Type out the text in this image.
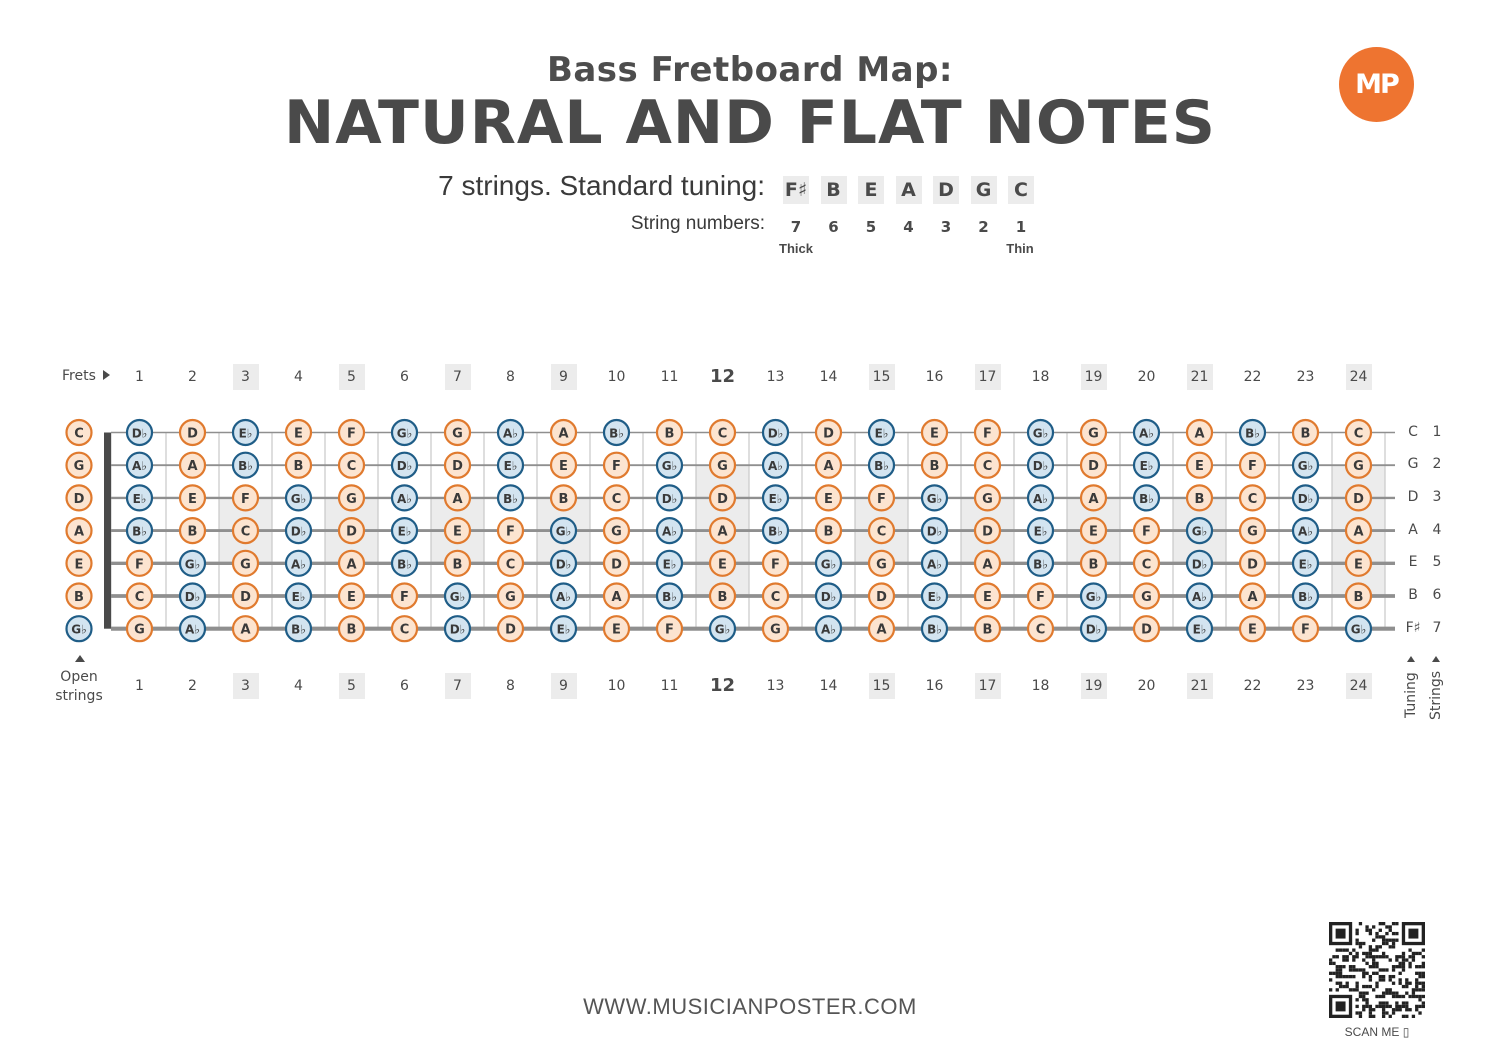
Bass Fretboard Map:
NATURAL AND FLAT NOTES
MP
7 strings. Standard tuning: F♯	B	E	A D G	C
String numbers:	7	6	5	4	3	2	1
Thick	Thin
Frets	1	2	3	4	5	6	7	8	9	10	11 12 13	14	15	16	17	18	19	20	21	22	23	24
1	2	3	4	5	6	7	8	9	10	11 12 13	14	15	16	17	18	19	20	21	22	23	24
C	D♭	D	E♭	E	F	G♭	G	A♭	A	B♭	B	C	D♭	D	E♭	E	F	G♭	G	A♭	A	B♭	B	C
G	A♭	A	B♭	B	C	D♭	D	E♭	E	F	G♭	G	A♭	A	B♭	B	C	D♭	D	E♭	E	F	G♭	G
D	E♭	E	F	G♭	G	A♭	A	B♭	B	C	D♭	D	E♭	E	F	G♭	G	A♭	A	B♭	B	C	D♭	D
A	B♭	B	C	D♭	D	E♭	E	F	G♭	G	A♭	A	B♭	B	C	D♭	D	E♭	E	F	G♭	G	A♭	A
E	F	G♭	G	A♭	A	B♭	B	C	D♭	D	E♭	E	F	G♭	G	A♭	A	B♭	B	C	D♭	D	E♭	E
B	C	D♭	D	E♭	E	F	G♭	G	A♭	A	B♭	B	C	D♭	D	E♭	E	F	G♭	G	A♭	A	B♭	B
G♭	G	A♭	A	B♭	B	C	D♭	D	E♭	E	F	G♭	G	A♭	A	B♭	B	C	D♭	D	E♭	E	F	G♭
Open
strings
C	1
G	2
D	3
A	4
E	5
B	6
F♯ 7
Tuning Strings
WWW.MUSICIANPOSTER.COM
SCAN ME ▯
